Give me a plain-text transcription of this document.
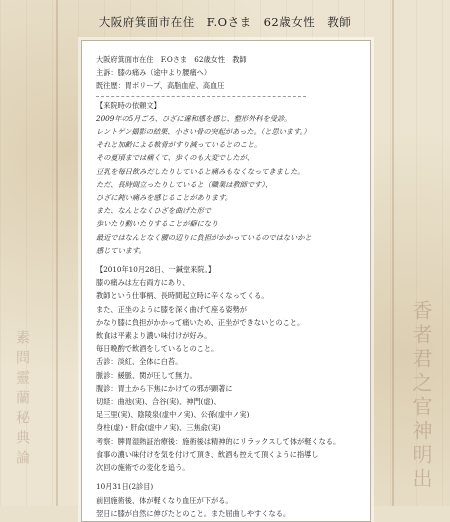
香者君之官神明出
素問靈蘭秘典論
大阪府箕面市在住　F.Oさま　62歳女性　教師
大阪府箕面市在住　F.Oさま　62歳女性　教師
主訴：膝の痛み（途中より腰痛へ）
既往歴：胃ポリープ、高脂血症、高血圧
【来院時の依頼文】
2009年の5月ごろ、ひざに違和感を感じ、整形外科を受診。
レントゲン撮影の結果、小さい骨の突起があった。（と思います。）
それと加齢による軟骨がすり減っているとのこと。
その夏頃までは痛くて、歩くのも大変でしたが、
豆乳を毎日飲みだしたりしていると痛みもなくなってきました。
ただ、長時間立ったりしていると（職業は教師です）、
ひざに鈍い痛みを感じることがあります。
また、なんとなくひざを曲げた形で
歩いたり動いたりすることが癖になり
最近ではなんとなく腰の辺りに負担がかかっているのではないかと
感じています。
【2010年10月28日、一鍼堂来院。】
膝の痛みは左右両方にあり、
教師という仕事柄、長時間起立時に辛くなってくる。
また、正坐のように膝を深く曲げて座る姿勢が
かなり膝に負担がかかって痛いため、正坐ができないとのこと。
飲食は平素より濃い味付けが好み。
毎日晩酌で飲酒をしているとのこと。
舌診：淡紅、全体に白苔。
脈診：緩脈、関が圧して無力。
腹診：胃土から下焦にかけての邪が顕著に
切経：曲池(実)、合谷(実)、神門(虚)、
足三里(実)、陰陵泉(虚中ノ実)、公孫(虚中ノ実)
身柱(虚)・肝兪(虚中ノ実)、三焦兪(実)
考察：脾胃湿熱証治療後：施術後は精神的にリラックスして体が軽くなる。
食事の濃い味付けを気を付けて頂き、飲酒も控えて頂くように指導し
次回の施術での変化を追う。
10月31日(2診目)
前回施術後、体が軽くなり血圧が下がる。
翌日に膝が自然に伸びたとのこと。また屈曲しやすくなる。
